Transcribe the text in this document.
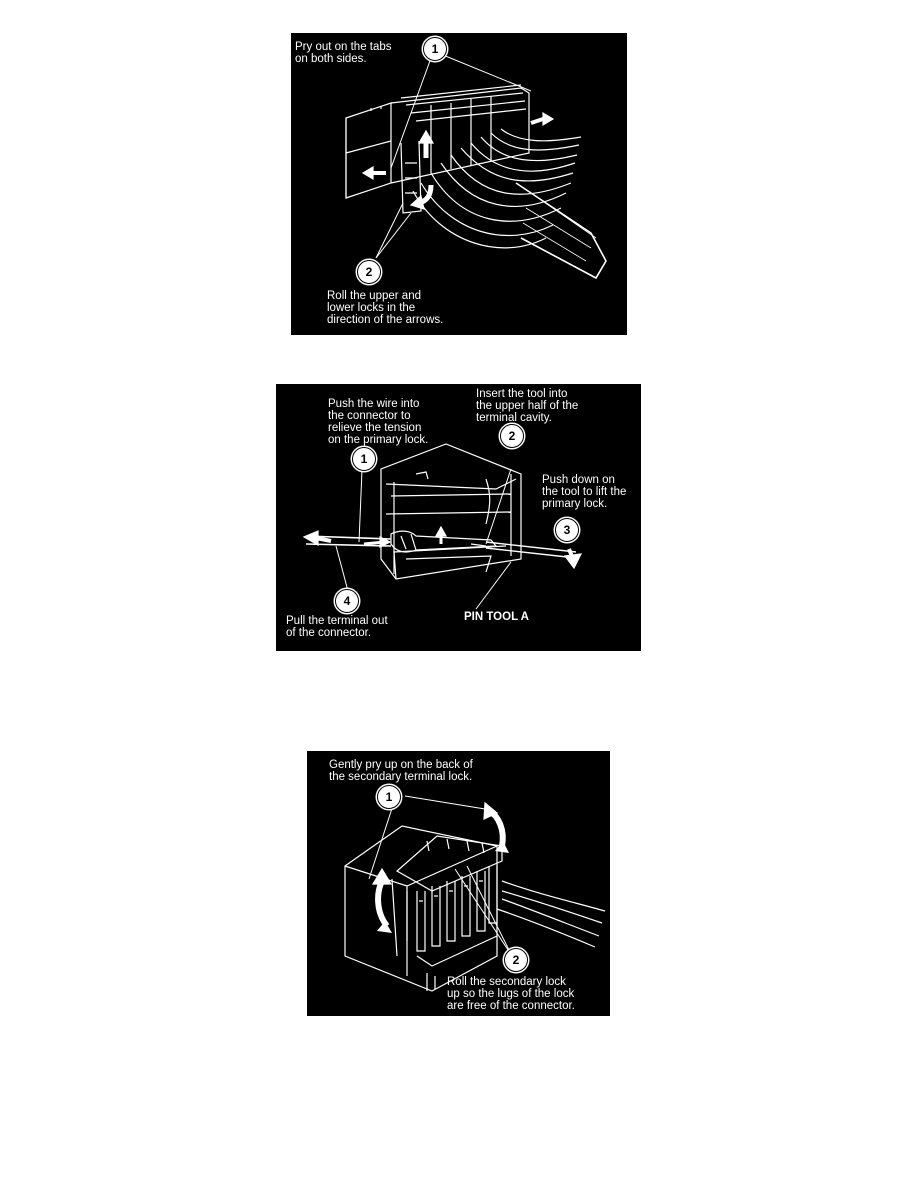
Pry out on the tabs
on both sides.
1
2
Roll the upper and
lower locks in the
direction of the arrows.
Push the wire into
the connector to
relieve the tension
on the primary lock.
Insert the tool into
the upper half of the
terminal cavity.
1
2
Push down on
the tool to lift the
primary lock.
3
4
Pull the terminal out
of the connector.
PIN TOOL A
Gently pry up on the back of
the secondary terminal lock.
1
2
Roll the secondary lock
up so the lugs of the lock
are free of the connector.
